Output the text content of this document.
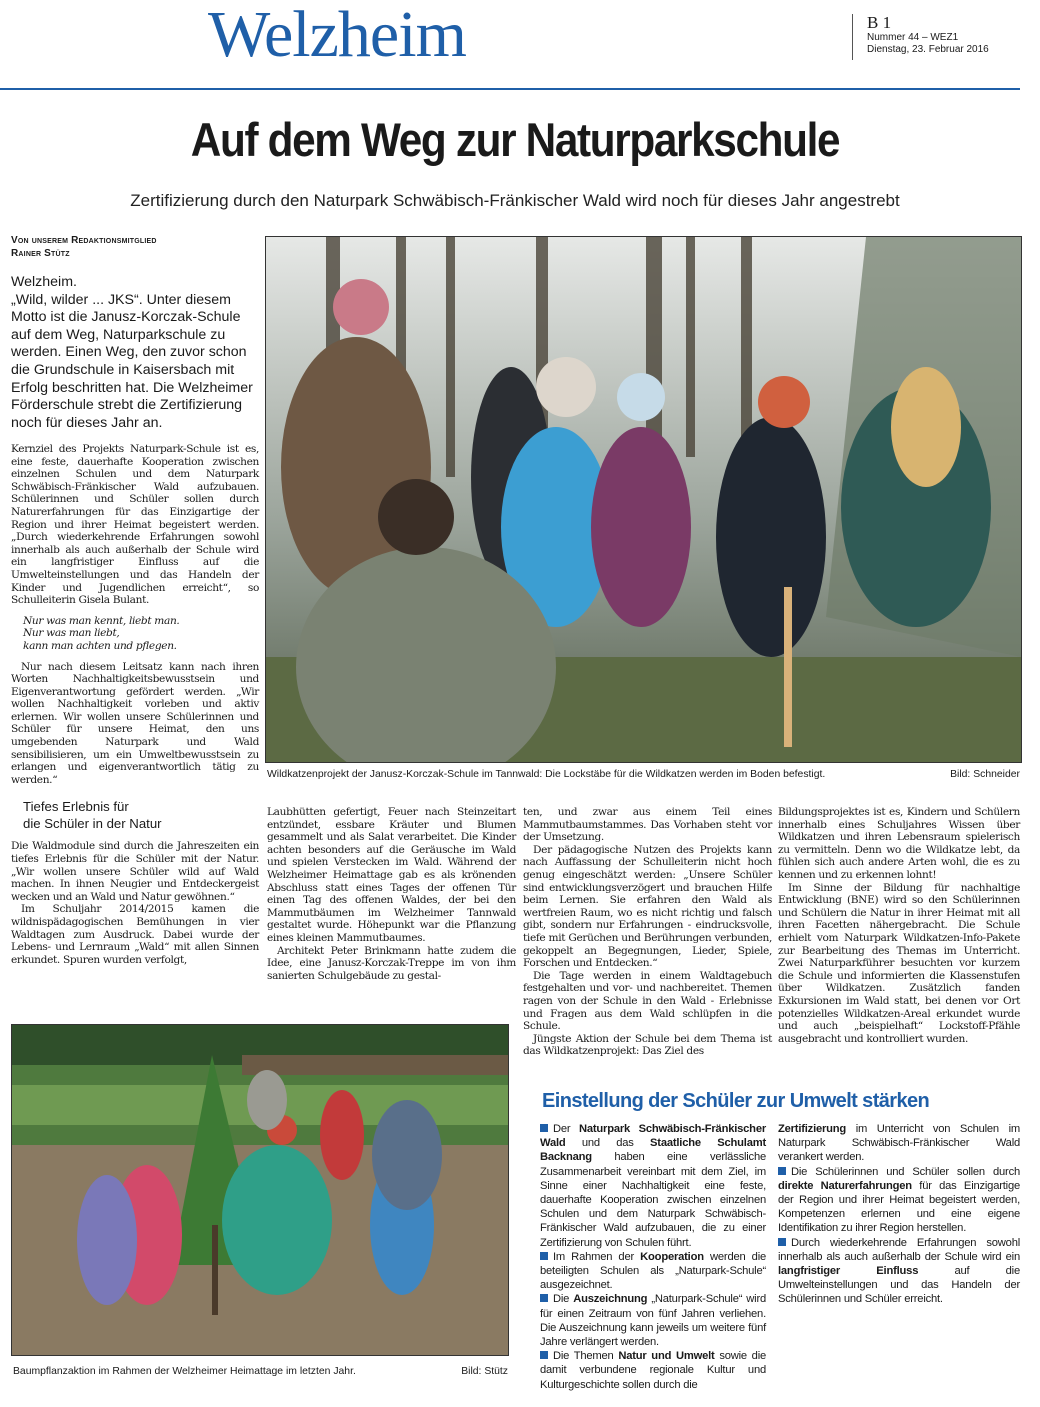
Welzheim	B 1
Nummer 44 – WEZ1
Dienstag, 23. Februar 2016
Auf dem Weg zur Naturparkschule
Zertifizierung durch den Naturpark Schwäbisch-Fränkischer Wald wird noch für dieses Jahr angestrebt
Von unserem Redaktionsmitglied
Rainer Stütz
Welzheim.
„Wild, wilder ... JKS“. Unter diesem Motto ist die Janusz-Korczak-Schule auf dem Weg, Naturparkschule zu werden. Einen Weg, den zuvor schon die Grundschule in Kaisersbach mit Erfolg beschritten hat. Die Welzheimer Förderschule strebt die Zertifizierung noch für dieses Jahr an.

Kernziel des Projekts Naturpark-Schule ist es, eine feste, dauerhafte Kooperation zwischen einzelnen Schulen und dem Naturpark Schwäbisch-Fränkischer Wald aufzubauen. Schülerinnen und Schüler sollen durch Naturerfahrungen für das Einzigartige der Region und ihrer Heimat begeistert werden. „Durch wiederkehrende Erfahrungen sowohl innerhalb als auch außerhalb der Schule wird ein langfristiger Einfluss auf die Umwelteinstellungen und das Handeln der Kinder und Jugendlichen erreicht“, so Schulleiterin Gisela Bulant.

Nur was man kennt, liebt man.
Nur was man liebt,
kann man achten und pflegen.

Nur nach diesem Leitsatz kann nach ihren Worten Nachhaltigkeitsbewusstsein und Eigenverantwortung gefördert werden. „Wir wollen Nachhaltigkeit vorleben und aktiv erlernen. Wir wollen unsere Schülerinnen und Schüler für unsere Heimat, den uns umgebenden Naturpark und Wald sensibilisieren, um ein Umweltbewusstsein zu erlangen und eigenverantwortlich tätig zu werden.“

Tiefes Erlebnis für
die Schüler in der Natur

Die Waldmodule sind durch die Jahreszeiten ein tiefes Erlebnis für die Schüler mit der Natur. „Wir wollen unsere Schüler wild auf Wald machen. In ihnen Neugier und Entdeckergeist wecken und an Wald und Natur gewöhnen.“

Im Schuljahr 2014/2015 kamen die wildnispädagogischen Bemühungen in vier Waldtagen zum Ausdruck. Dabei wurde der Lebens- und Lernraum „Wald“ mit allen Sinnen erkundet. Spuren wurden verfolgt,

Wildkatzenprojekt der Janusz-Korczak-Schule im Tannwald: Die Lockstäbe für die Wildkatzen werden im Boden befestigt.	Bild: Schneider

Laubhütten gefertigt, Feuer nach Steinzeitart entzündet, essbare Kräuter und Blumen gesammelt und als Salat verarbeitet. Die Kinder achten besonders auf die Geräusche im Wald und spielen Verstecken im Wald. Während der Welzheimer Heimattage gab es als krönenden Abschluss statt eines Tages der offenen Tür einen Tag des offenen Waldes, der bei den Mammutbäumen im Welzheimer Tannwald gestaltet wurde. Höhepunkt war die Pflanzung eines kleinen Mammutbaumes.

Architekt Peter Brinkmann hatte zudem die Idee, eine Janusz-Korczak-Treppe im von ihm sanierten Schulgebäude zu gestal-

ten, und zwar aus einem Teil eines Mammutbaumstammes. Das Vorhaben steht vor der Umsetzung.

Der pädagogische Nutzen des Projekts kann nach Auffassung der Schulleiterin nicht hoch genug eingeschätzt werden: „Unsere Schüler sind entwicklungsverzögert und brauchen Hilfe beim Lernen. Sie erfahren den Wald als wertfreien Raum, wo es nicht richtig und falsch gibt, sondern nur Erfahrungen - eindrucksvolle, tiefe mit Gerüchen und Berührungen verbunden, gekoppelt an Begegnungen, Lieder, Spiele, Forschen und Entdecken.“

Die Tage werden in einem Waldtagebuch festgehalten und vor- und nachbereitet. Themen ragen von der Schule in den Wald - Erlebnisse und Fragen aus dem Wald schlüpfen in die Schule.

Jüngste Aktion der Schule bei dem Thema ist das Wildkatzenprojekt: Das Ziel des

Bildungsprojektes ist es, Kindern und Schülern innerhalb eines Schuljahres Wissen über Wildkatzen und ihren Lebensraum spielerisch zu vermitteln. Denn wo die Wildkatze lebt, da fühlen sich auch andere Arten wohl, die es zu kennen und zu erkennen lohnt!

Im Sinne der Bildung für nachhaltige Entwicklung (BNE) wird so den Schülerinnen und Schülern die Natur in ihrer Heimat mit all ihren Facetten nähergebracht. Die Schule erhielt vom Naturpark Wildkatzen-Info-Pakete zur Bearbeitung des Themas im Unterricht. Zwei Naturparkführer besuchten vor kurzem die Schule und informierten die Klassenstufen über Wildkatzen. Zusätzlich fanden Exkursionen im Wald statt, bei denen vor Ort potenzielles Wildkatzen-Areal erkundet wurde und auch „beispielhaft“ Lockstoff-Pfähle ausgebracht und kontrolliert wurden.

Baumpflanzaktion im Rahmen der Welzheimer Heimattage im letzten Jahr.	Bild: Stütz
Einstellung der Schüler zur Umwelt stärken

Der Naturpark Schwäbisch-Fränkischer Wald und das Staatliche Schulamt Backnang haben eine verlässliche Zusammenarbeit vereinbart mit dem Ziel, im Sinne einer Nachhaltigkeit eine feste, dauerhafte Kooperation zwischen einzelnen Schulen und dem Naturpark Schwäbisch-Fränkischer Wald aufzubauen, die zu einer Zertifizierung von Schulen führt.

Im Rahmen der Kooperation werden die beteiligten Schulen als „Naturpark-Schule“ ausgezeichnet.

Die Auszeichnung „Naturpark-Schule“ wird für einen Zeitraum von fünf Jahren verliehen. Die Auszeichnung kann jeweils um weitere fünf Jahre verlängert werden.

Die Themen Natur und Umwelt sowie die damit verbundene regionale Kultur und Kulturgeschichte sollen durch die

Zertifizierung im Unterricht von Schulen im Naturpark Schwäbisch-Fränkischer Wald verankert werden.

Die Schülerinnen und Schüler sollen durch direkte Naturerfahrungen für das Einzigartige der Region und ihrer Heimat begeistert werden, Kompetenzen erlernen und eine eigene Identifikation zu ihrer Region herstellen.

Durch wiederkehrende Erfahrungen sowohl innerhalb als auch außerhalb der Schule wird ein langfristiger Einfluss auf die Umwelteinstellungen und das Handeln der Schülerinnen und Schüler erreicht.
